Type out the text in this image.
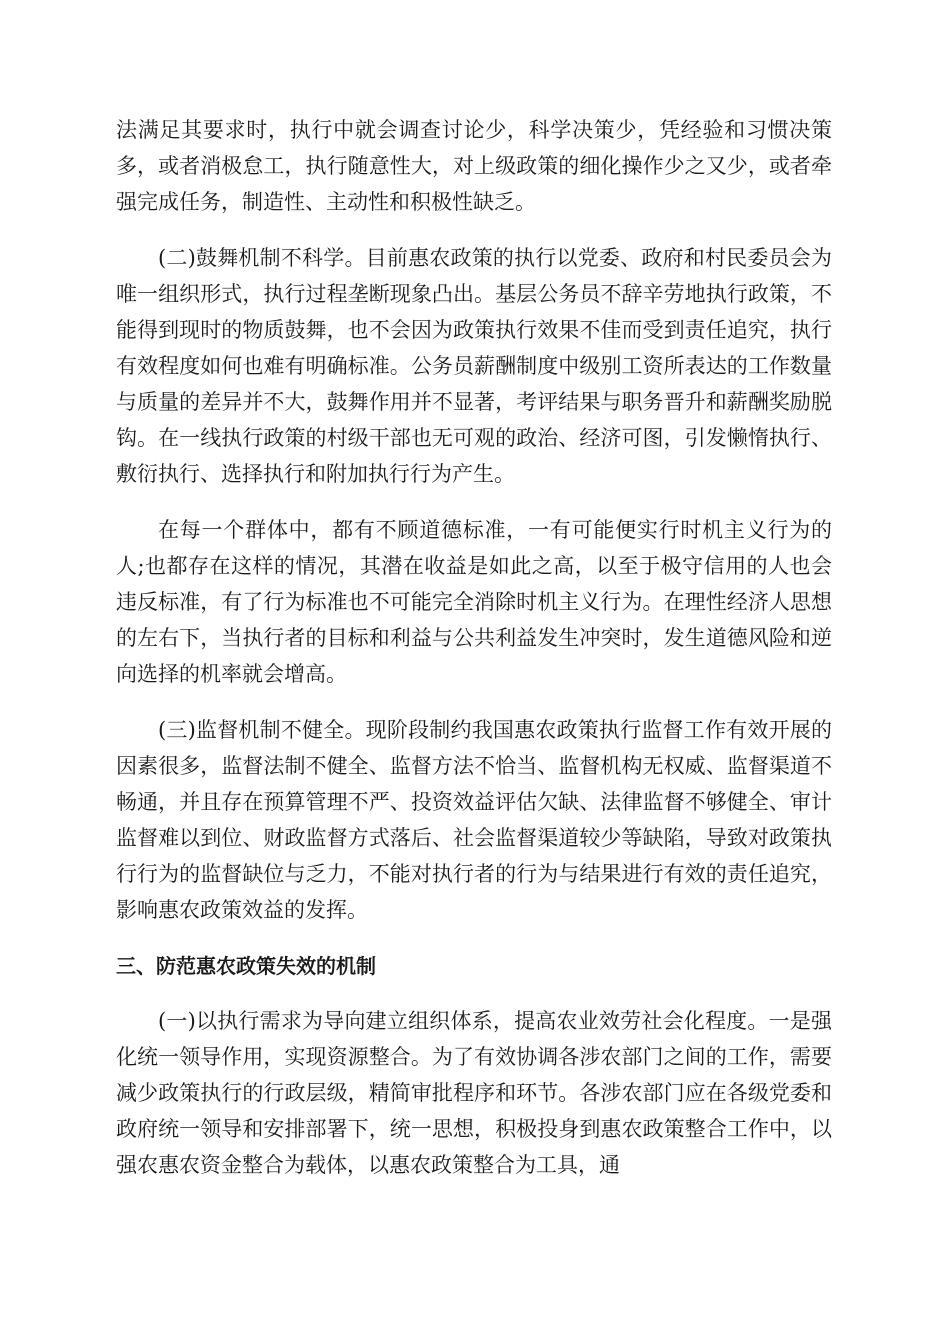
法满足其要求时，执行中就会调查讨论少，科学决策少，凭经验和习惯决策多，或者消极怠工，执行随意性大，对上级政策的细化操作少之又少，或者牵强完成任务，制造性、主动性和积极性缺乏。

(二)鼓舞机制不科学。目前惠农政策的执行以党委、政府和村民委员会为唯一组织形式，执行过程垄断现象凸出。基层公务员不辞辛劳地执行政策，不能得到现时的物质鼓舞，也不会因为政策执行效果不佳而受到责任追究，执行有效程度如何也难有明确标准。公务员薪酬制度中级别工资所表达的工作数量与质量的差异并不大，鼓舞作用并不显著，考评结果与职务晋升和薪酬奖励脱钩。在一线执行政策的村级干部也无可观的政治、经济可图，引发懒惰执行、敷衍执行、选择执行和附加执行行为产生。

在每一个群体中，都有不顾道德标准，一有可能便实行时机主义行为的人;也都存在这样的情况，其潜在收益是如此之高，以至于极守信用的人也会违反标准，有了行为标准也不可能完全消除时机主义行为。在理性经济人思想的左右下，当执行者的目标和利益与公共利益发生冲突时，发生道德风险和逆向选择的机率就会增高。

(三)监督机制不健全。现阶段制约我国惠农政策执行监督工作有效开展的因素很多，监督法制不健全、监督方法不恰当、监督机构无权威、监督渠道不畅通，并且存在预算管理不严、投资效益评估欠缺、法律监督不够健全、审计监督难以到位、财政监督方式落后、社会监督渠道较少等缺陷，导致对政策执行行为的监督缺位与乏力，不能对执行者的行为与结果进行有效的责任追究，影响惠农政策效益的发挥。

三、防范惠农政策失效的机制

(一)以执行需求为导向建立组织体系，提高农业效劳社会化程度。一是强化统一领导作用，实现资源整合。为了有效协调各涉农部门之间的工作，需要减少政策执行的行政层级，精简审批程序和环节。各涉农部门应在各级党委和政府统一领导和安排部署下，统一思想，积极投身到惠农政策整合工作中，以强农惠农资金整合为载体，以惠农政策整合为工具，通
